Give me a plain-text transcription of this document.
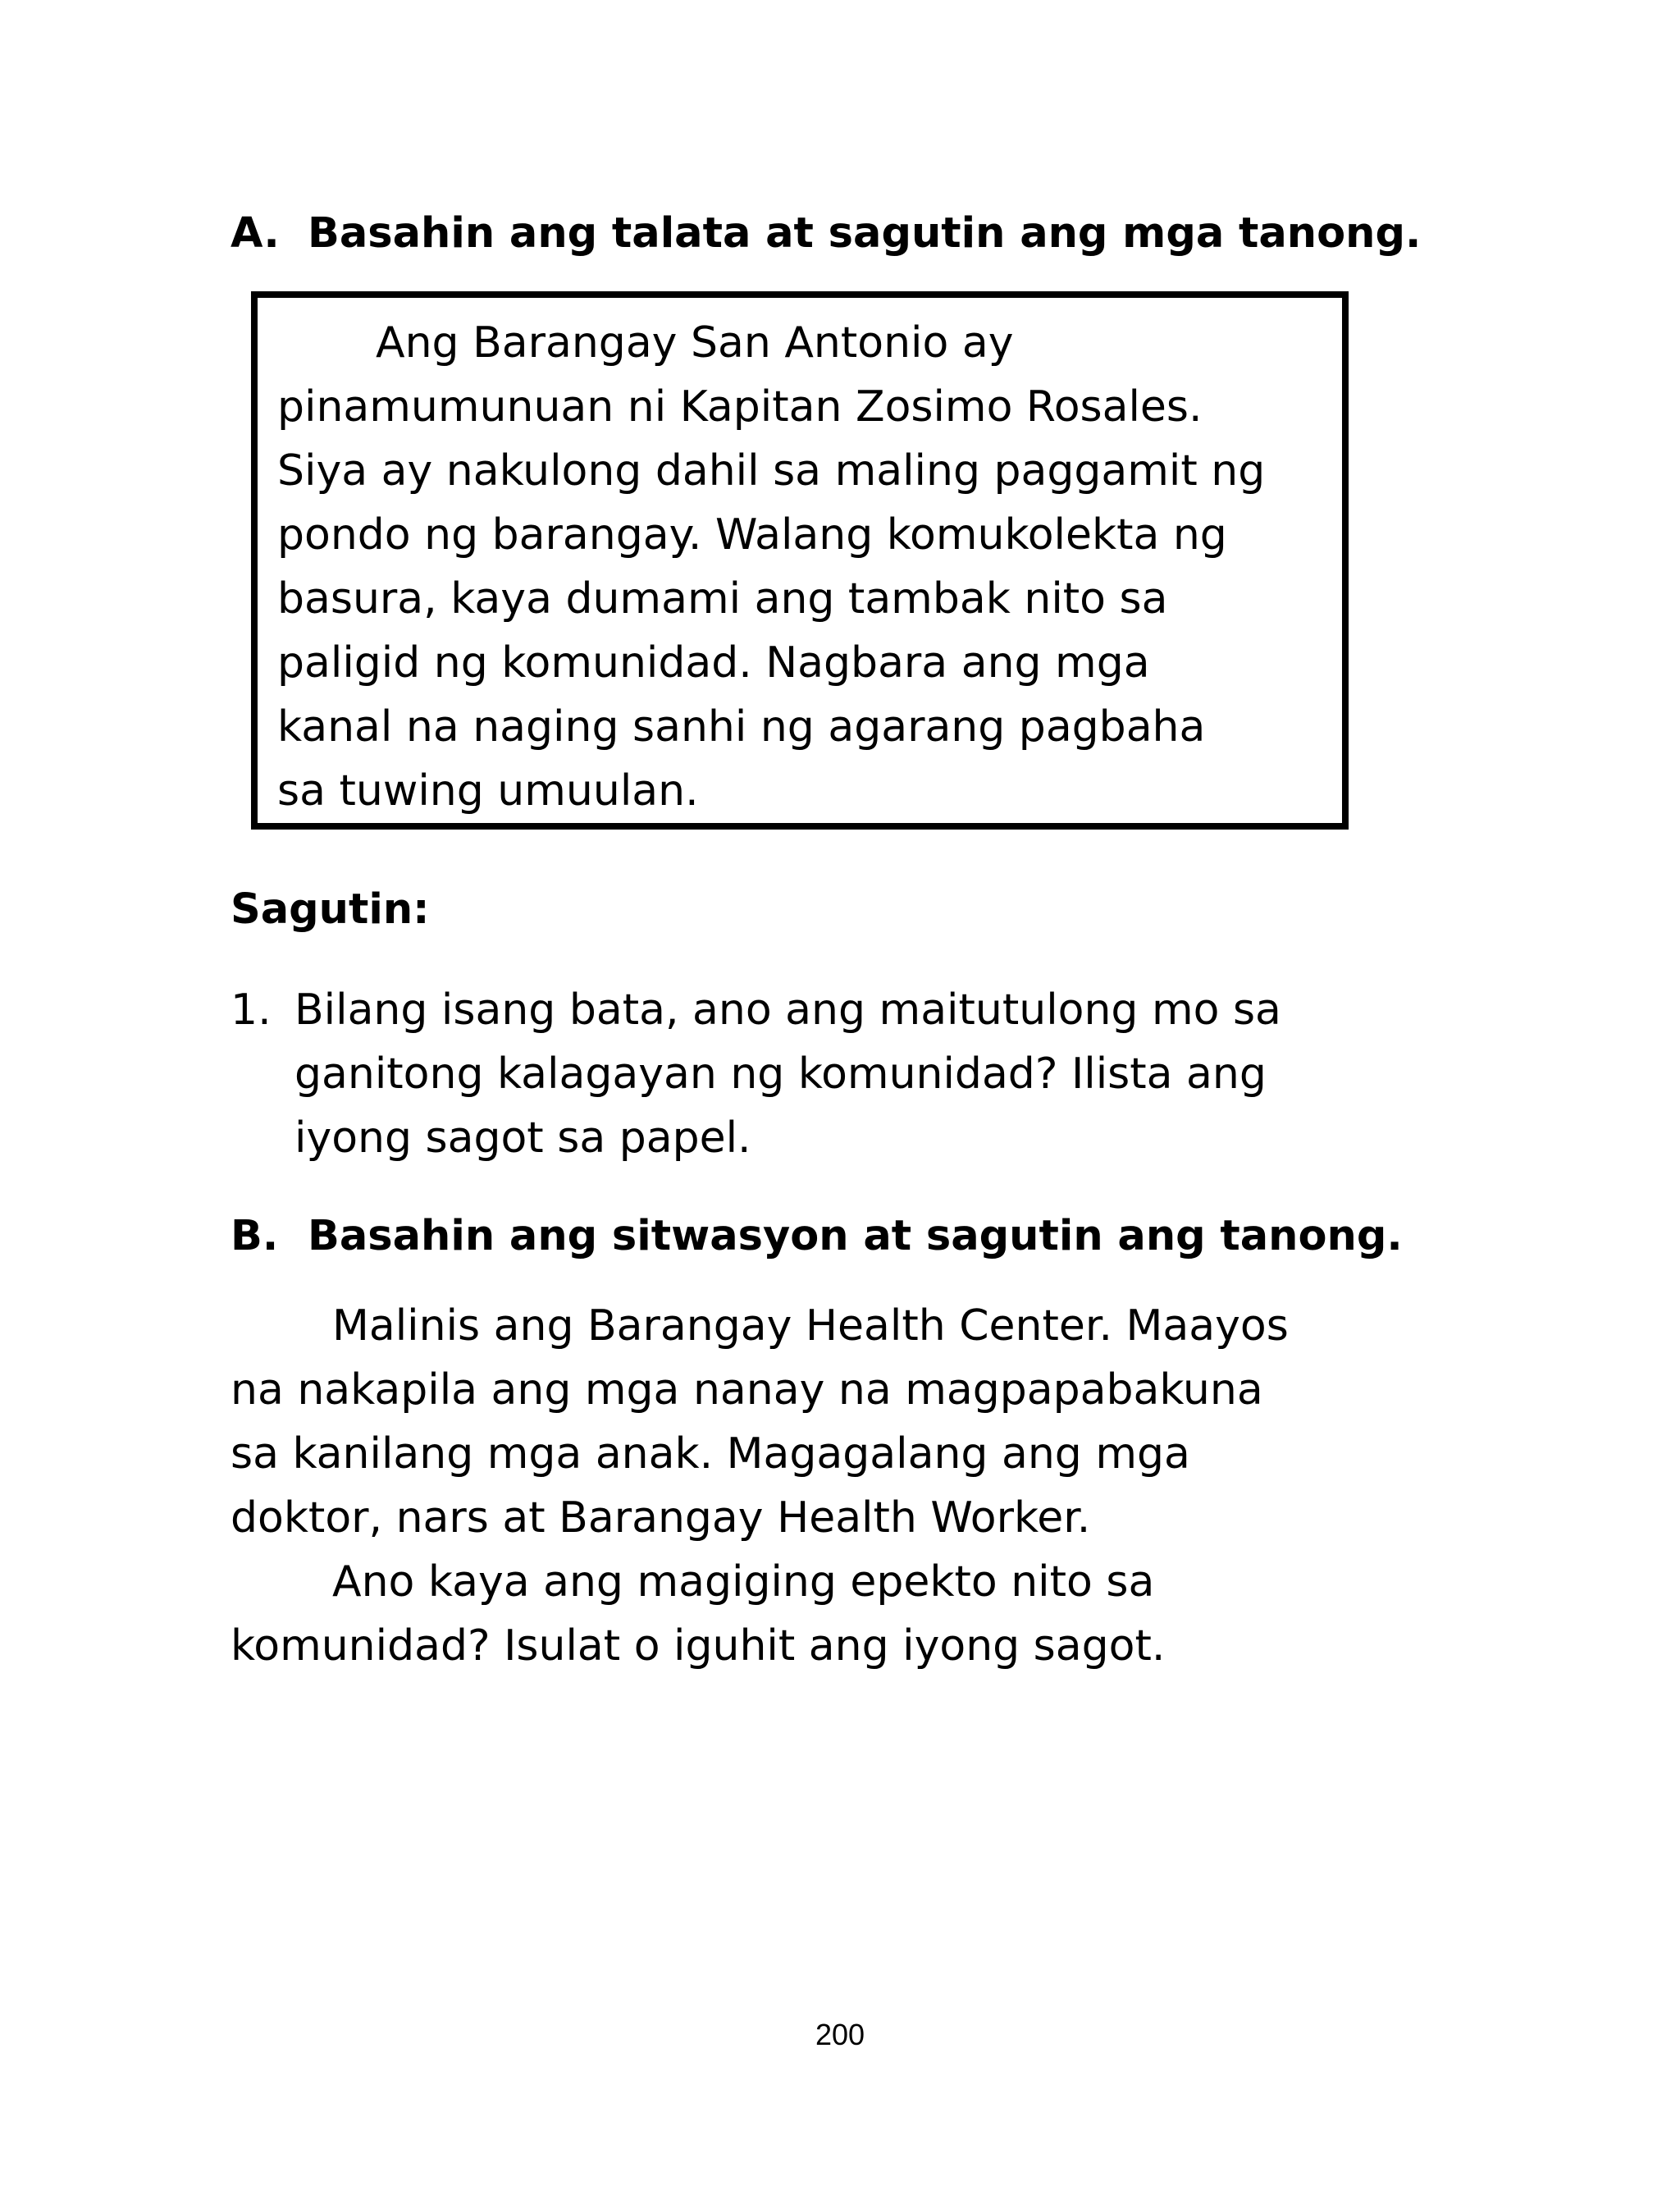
A. Basahin ang talata at sagutin ang mga tanong.

Ang Barangay San Antonio ay
pinamumunuan ni Kapitan Zosimo Rosales.
Siya ay nakulong dahil sa maling paggamit ng
pondo ng barangay. Walang komukolekta ng
basura, kaya dumami ang tambak nito sa
paligid ng komunidad. Nagbara ang mga
kanal na naging sanhi ng agarang pagbaha
sa tuwing umuulan.

Sagutin:
1. Bilang isang bata, ano ang maitutulong mo sa
ganitong kalagayan ng komunidad? Ilista ang
iyong sagot sa papel.
B. Basahin ang sitwasyon at sagutin ang tanong.

Malinis ang Barangay Health Center. Maayos
na nakapila ang mga nanay na magpapabakuna
sa kanilang mga anak. Magagalang ang mga
doktor, nars at Barangay Health Worker.
Ano kaya ang magiging epekto nito sa
komunidad? Isulat o iguhit ang iyong sagot.

200
